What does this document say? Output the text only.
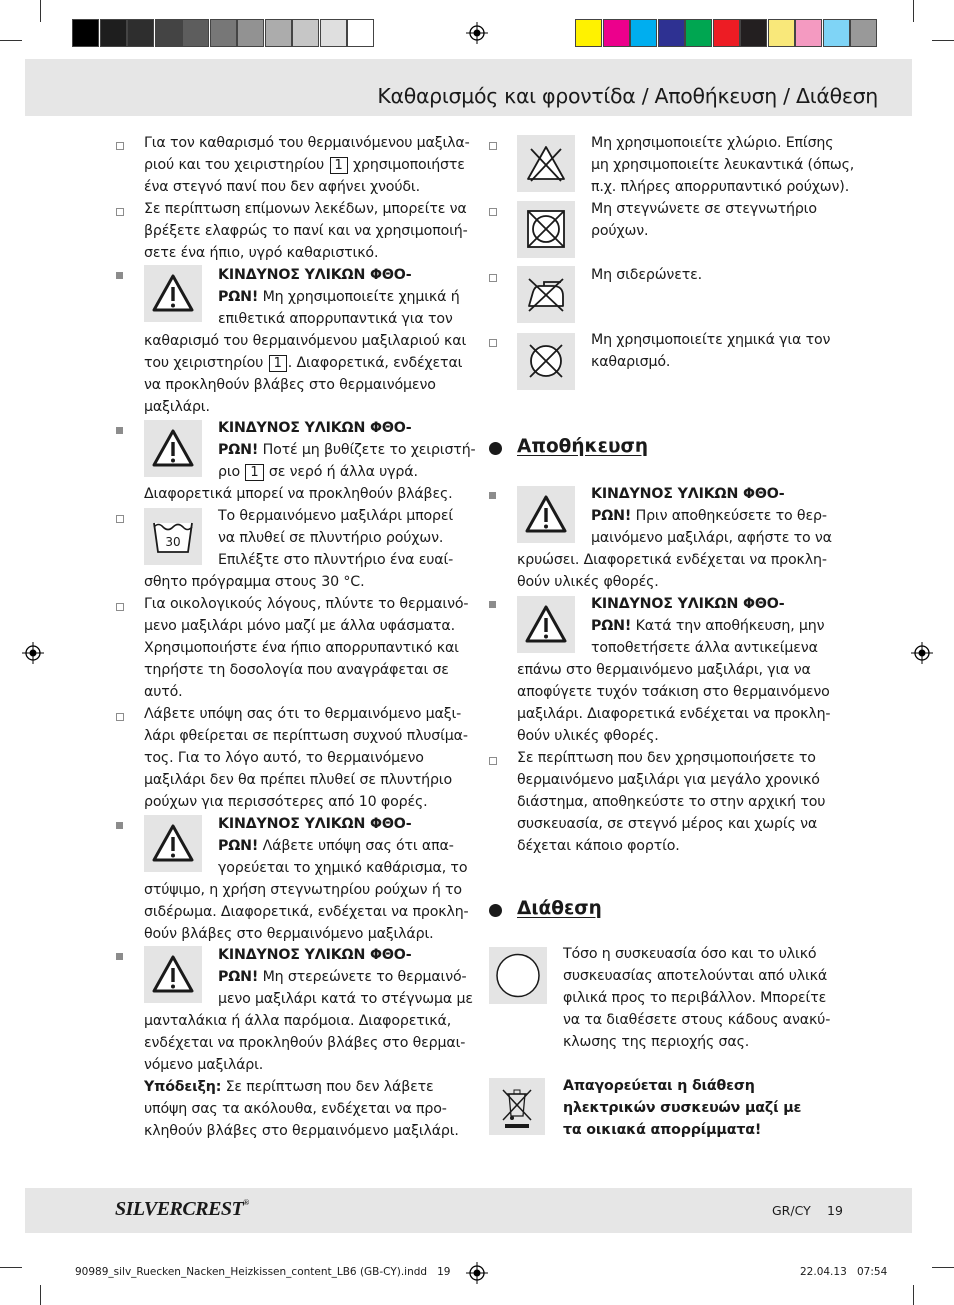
Καθαρισμός και φροντίδα / Αποθήκευση / Διάθεση
Για τον καθαρισμό του θερμαινόμενου μαξιλα-
ριού και του χειριστηρίου 1 χρησιμοποιήστε
ένα στεγνό πανί που δεν αφήνει χνούδι.
Σε περίπτωση επίμονων λεκέδων, μπορείτε να
βρέξετε ελαφρώς το πανί και να χρησιμοποιή-
σετε ένα ήπιο, υγρό καθαριστικό.
ΚΙΝΔΥΝΟΣ ΥΛΙΚΩΝ ΦΘΟ-
ΡΩΝ! Μη χρησιμοποιείτε χημικά ή
επιθετικά απορρυπαντικά για τον
καθαρισμό του θερμαινόμενου μαξιλαριού και
του χειριστηρίου 1 . Διαφορετικά, ενδέχεται
να προκληθούν βλάβες στο θερμαινόμενο
μαξιλάρι.
ΚΙΝΔΥΝΟΣ ΥΛΙΚΩΝ ΦΘΟ-
ΡΩΝ! Ποτέ μη βυθίζετε το χειριστή-
ριο 1 σε νερό ή άλλα υγρά.
Διαφορετικά μπορεί να προκληθούν βλάβες.
30
Το θερμαινόμενο μαξιλάρι μπορεί
να πλυθεί σε πλυντήριο ρούχων.
Επιλέξτε στο πλυντήριο ένα ευαί-
σθητο πρόγραμμα στους 30 °C.
Για οικολογικούς λόγους, πλύντε το θερμαινό-
μενο μαξιλάρι μόνο μαζί με άλλα υφάσματα.
Χρησιμοποιήστε ένα ήπιο απορρυπαντικό και
τηρήστε τη δοσολογία που αναγράφεται σε
αυτό.
Λάβετε υπόψη σας ότι το θερμαινόμενο μαξι-
λάρι φθείρεται σε περίπτωση συχνού πλυσίμα-
τος. Για το λόγο αυτό, το θερμαινόμενο
μαξιλάρι δεν θα πρέπει πλυθεί σε πλυντήριο
ρούχων για περισσότερες από 10 φορές.
ΚΙΝΔΥΝΟΣ ΥΛΙΚΩΝ ΦΘΟ-
ΡΩΝ! Λάβετε υπόψη σας ότι απα-
γορεύεται το χημικό καθάρισμα, το
στύψιμο, η χρήση στεγνωτηρίου ρούχων ή το
σιδέρωμα. Διαφορετικά, ενδέχεται να προκλη-
θούν βλάβες στο θερμαινόμενο μαξιλάρι.
ΚΙΝΔΥΝΟΣ ΥΛΙΚΩΝ ΦΘΟ-
ΡΩΝ! Μη στερεώνετε το θερμαινό-
μενο μαξιλάρι κατά το στέγνωμα με
μανταλάκια ή άλλα παρόμοια. Διαφορετικά,
ενδέχεται να προκληθούν βλάβες στο θερμαι-
νόμενο μαξιλάρι.
Υπόδειξη: Σε περίπτωση που δεν λάβετε
υπόψη σας τα ακόλουθα, ενδέχεται να προ-
κληθούν βλάβες στο θερμαινόμενο μαξιλάρι.
Μη χρησιμοποιείτε χλώριο. Επίσης
μη χρησιμοποιείτε λευκαντικά (όπως,
π.χ. πλήρες απορρυπαντικό ρούχων).
Μη στεγνώνετε σε στεγνωτήριο
ρούχων.
Μη σιδερώνετε.
Μη χρησιμοποιείτε χημικά για τον
καθαρισμό.
Αποθήκευση
ΚΙΝΔΥΝΟΣ ΥΛΙΚΩΝ ΦΘΟ-
ΡΩΝ! Πριν αποθηκεύσετε το θερ-
μαινόμενο μαξιλάρι, αφήστε το να
κρυώσει. Διαφορετικά ενδέχεται να προκλη-
θούν υλικές φθορές.
ΚΙΝΔΥΝΟΣ ΥΛΙΚΩΝ ΦΘΟ-
ΡΩΝ! Κατά την αποθήκευση, μην
τοποθετήσετε άλλα αντικείμενα
επάνω στο θερμαινόμενο μαξιλάρι, για να
αποφύγετε τυχόν τσάκιση στο θερμαινόμενο
μαξιλάρι. Διαφορετικά ενδέχεται να προκλη-
θούν υλικές φθορές.
Σε περίπτωση που δεν χρησιμοποιήσετε το
θερμαινόμενο μαξιλάρι για μεγάλο χρονικό
διάστημα, αποθηκεύστε το στην αρχική του
συσκευασία, σε στεγνό μέρος και χωρίς να
δέχεται κάποιο φορτίο.
Διάθεση
Τόσο η συσκευασία όσο και το υλικό
συσκευασίας αποτελούνται από υλικά
φιλικά προς το περιβάλλον. Μπορείτε
να τα διαθέσετε στους κάδους ανακύ-
κλωσης της περιοχής σας.
Απαγορεύεται η διάθεση
ηλεκτρικών συσκευών μαζί με
τα οικιακά απορρίμματα!
SILVERCREST®
GR/CY 19
90989_silv_Ruecken_Nacken_Heizkissen_content_LB6 (GB-CY).indd   19	22.04.13 07:54
